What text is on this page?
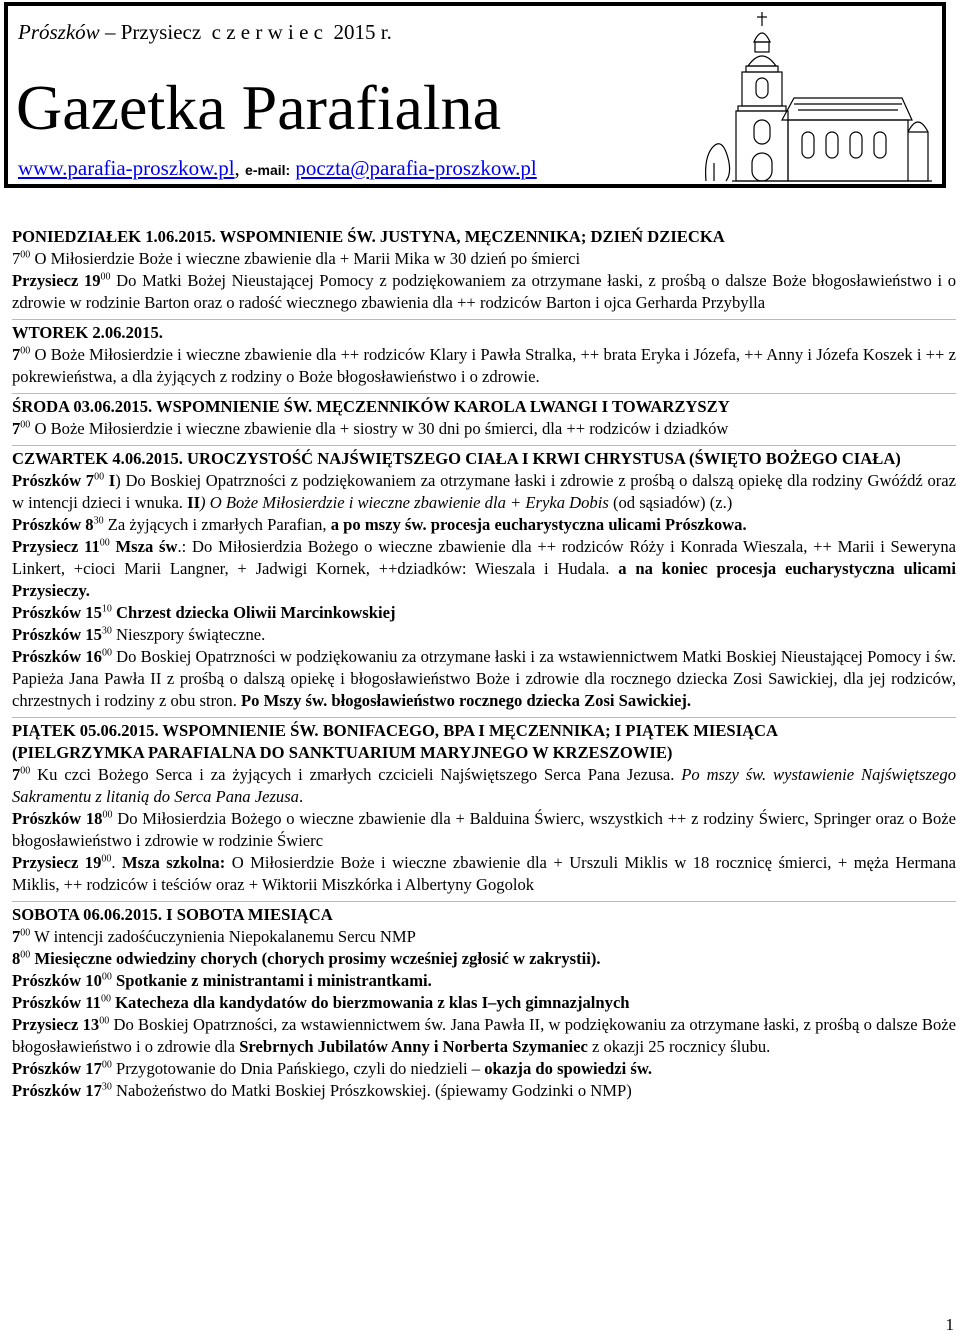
Prószków – Przysiecz c z e r w i e c 2015 r.
Gazetka Parafialna
www.parafia-proszkow.pl, e-mail: poczta@parafia-proszkow.pl

PONIEDZIAŁEK 1.06.2015. WSPOMNIENIE ŚW. JUSTYNA, MĘCZENNIKA; DZIEŃ DZIECKA

$7^{00}$ O Miłosierdzie Boże i wieczne zbawienie dla + Marii Mika w 30 dzień po śmierci

Przysiecz $19^{00}$ Do Matki Bożej Nieustającej Pomocy z podziękowaniem za otrzymane łaski, z prośbą o dalsze Boże błogosławieństwo i o zdrowie w rodzinie Barton oraz o radość wiecznego zbawienia dla ++ rodziców Barton i ojca Gerharda Przybylla

WTOREK 2.06.2015.

$7^{00}$ O Boże Miłosierdzie i wieczne zbawienie dla ++ rodziców Klary i Pawła Stralka, ++ brata Eryka i Józefa, ++ Anny i Józefa Koszek i ++ z pokrewieństwa, a dla żyjących z rodziny o Boże błogosławieństwo i o zdrowie.

ŚRODA 03.06.2015. WSPOMNIENIE ŚW. MĘCZENNIKÓW KAROLA LWANGI I TOWARZYSZY

$7^{00}$ O Boże Miłosierdzie i wieczne zbawienie dla + siostry w 30 dni po śmierci, dla ++ rodziców i dziadków

CZWARTEK 4.06.2015. UROCZYSTOŚĆ NAJŚWIĘTSZEGO CIAŁA I KRWI CHRYSTUSA (ŚWIĘTO BOŻEGO CIAŁA)

Prószków $7^{00}$ I) Do Boskiej Opatrzności z podziękowaniem za otrzymane łaski i zdrowie z prośbą o dalszą opiekę dla rodziny Gwóźdź oraz w intencji dzieci i wnuka. II) O Boże Miłosierdzie i wieczne zbawienie dla + Eryka Dobis (od sąsiadów) (z.)

Prószków $8^{30}$ Za żyjących i zmarłych Parafian, a po mszy św. procesja eucharystyczna ulicami Prószkowa.

Przysiecz $11^{00}$ Msza św.: Do Miłosierdzia Bożego o wieczne zbawienie dla ++ rodziców Róży i Konrada Wieszala, ++ Marii i Seweryna Linkert, +cioci Marii Langner, + Jadwigi Kornek, ++dziadków: Wieszala i Hudala. a na koniec procesja eucharystyczna ulicami Przysieczy.

Prószków $15^{10}$ Chrzest dziecka Oliwii Marcinkowskiej

Prószków $15^{30}$ Nieszpory świąteczne.

Prószków $16^{00}$ Do Boskiej Opatrzności w podziękowaniu za otrzymane łaski i za wstawiennictwem Matki Boskiej Nieustającej Pomocy i św. Papieża Jana Pawła II z prośbą o dalszą opiekę i błogosławieństwo Boże i zdrowie dla rocznego dziecka Zosi Sawickiej, dla jej rodziców, chrzestnych i rodziny z obu stron. Po Mszy św. błogosławieństwo rocznego dziecka Zosi Sawickiej.

PIĄTEK 05.06.2015. WSPOMNIENIE ŚW. BONIFACEGO, BPA I MĘCZENNIKA; I PIĄTEK MIESIĄCA

(PIELGRZYMKA PARAFIALNA DO SANKTUARIUM MARYJNEGO W KRZESZOWIE)

$7^{00}$ Ku czci Bożego Serca i za żyjących i zmarłych czcicieli Najświętszego Serca Pana Jezusa. Po mszy św. wystawienie Najświętszego Sakramentu z litanią do Serca Pana Jezusa.

Prószków $18^{00}$ Do Miłosierdzia Bożego o wieczne zbawienie dla + Balduina Świerc, wszystkich ++ z rodziny Świerc, Springer oraz o Boże błogosławieństwo i zdrowie w rodzinie Świerc

Przysiecz $19^{00}$. Msza szkolna: O Miłosierdzie Boże i wieczne zbawienie dla + Urszuli Miklis w 18 rocznicę śmierci, + męża Hermana Miklis, ++ rodziców i teściów oraz + Wiktorii Miszkórka i Albertyny Gogolok

SOBOTA 06.06.2015. I SOBOTA MIESIĄCA

$7^{00}$ W intencji zadośćuczynienia Niepokalanemu Sercu NMP

$8^{00}$ Miesięczne odwiedziny chorych (chorych prosimy wcześniej zgłosić w zakrystii).

Prószków $10^{00}$ Spotkanie z ministrantami i ministrantkami.

Prószków $11^{00}$ Katecheza dla kandydatów do bierzmowania z klas I–ych gimnazjalnych

Przysiecz $13^{00}$ Do Boskiej Opatrzności, za wstawiennictwem św. Jana Pawła II, w podziękowaniu za otrzymane łaski, z prośbą o dalsze Boże błogosławieństwo i o zdrowie dla Srebrnych Jubilatów Anny i Norberta Szymaniec z okazji 25 rocznicy ślubu.

Prószków $17^{00}$ Przygotowanie do Dnia Pańskiego, czyli do niedzieli – okazja do spowiedzi św.

Prószków $17^{30}$ Nabożeństwo do Matki Boskiej Prószkowskiej. (śpiewamy Godzinki o NMP)

1
